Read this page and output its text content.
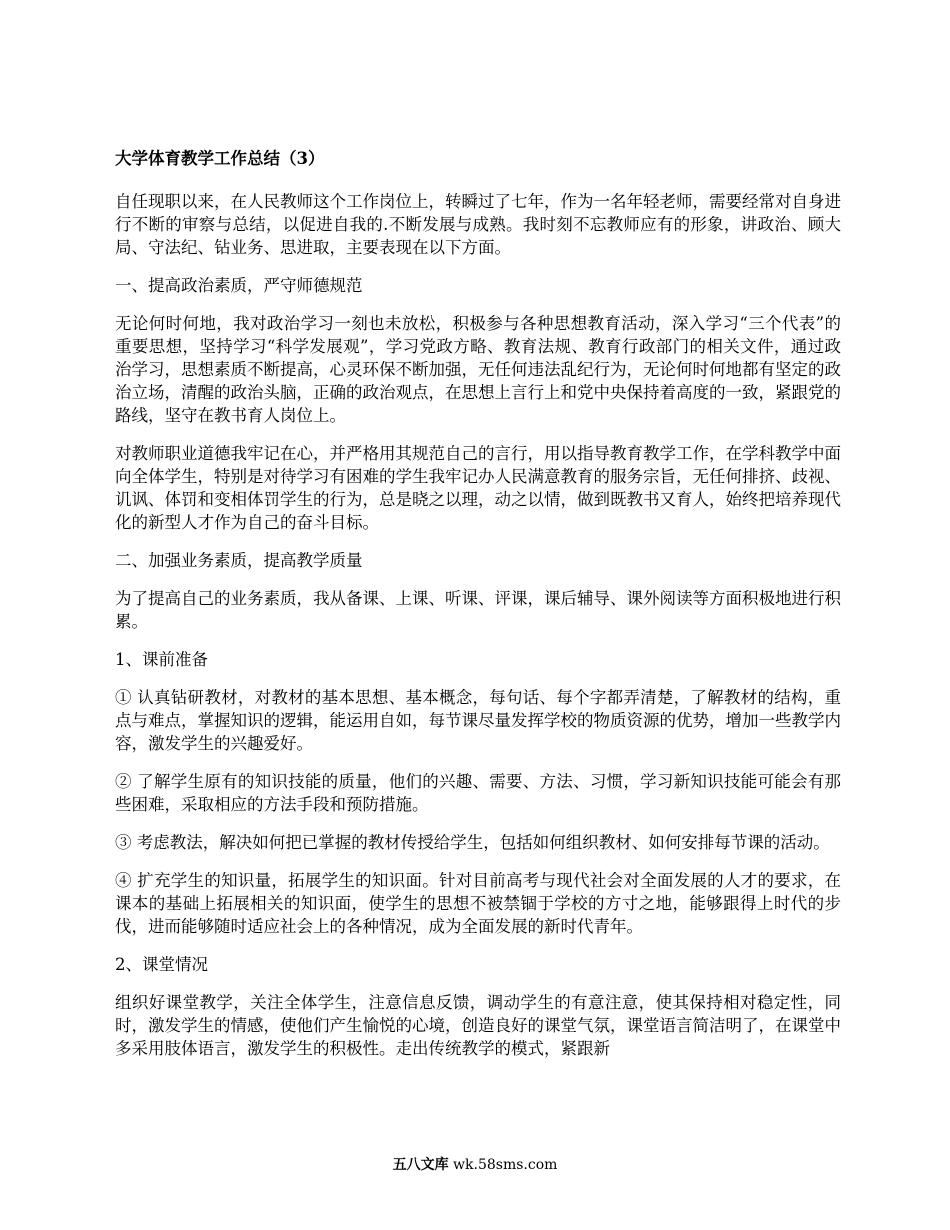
大学体育教学工作总结（3）

自任现职以来，在人民教师这个工作岗位上，转瞬过了七年，作为一名年轻老师，需要经常对自身进行不断的审察与总结，以促进自我的.不断发展与成熟。我时刻不忘教师应有的形象，讲政治、顾大局、守法纪、钻业务、思进取，主要表现在以下方面。

一、提高政治素质，严守师德规范

无论何时何地，我对政治学习一刻也未放松，积极参与各种思想教育活动，深入学习“三个代表”的重要思想，坚持学习“科学发展观”，学习党政方略、教育法规、教育行政部门的相关文件，通过政治学习，思想素质不断提高，心灵环保不断加强，无任何违法乱纪行为，无论何时何地都有坚定的政治立场，清醒的政治头脑，正确的政治观点，在思想上言行上和党中央保持着高度的一致，紧跟党的路线，坚守在教书育人岗位上。

对教师职业道德我牢记在心，并严格用其规范自己的言行，用以指导教育教学工作，在学科教学中面向全体学生，特别是对待学习有困难的学生我牢记办人民满意教育的服务宗旨，无任何排挤、歧视、讥讽、体罚和变相体罚学生的行为，总是晓之以理，动之以情，做到既教书又育人，始终把培养现代化的新型人才作为自己的奋斗目标。

二、加强业务素质，提高教学质量

为了提高自己的业务素质，我从备课、上课、听课、评课，课后辅导、课外阅读等方面积极地进行积累。

1、课前准备

① 认真钻研教材，对教材的基本思想、基本概念，每句话、每个字都弄清楚，了解教材的结构，重点与难点，掌握知识的逻辑，能运用自如，每节课尽量发挥学校的物质资源的优势，增加一些教学内容，激发学生的兴趣爱好。

② 了解学生原有的知识技能的质量，他们的兴趣、需要、方法、习惯，学习新知识技能可能会有那些困难，采取相应的方法手段和预防措施。

③ 考虑教法，解决如何把已掌握的教材传授给学生，包括如何组织教材、如何安排每节课的活动。

④ 扩充学生的知识量，拓展学生的知识面。针对目前高考与现代社会对全面发展的人才的要求，在课本的基础上拓展相关的知识面，使学生的思想不被禁锢于学校的方寸之地，能够跟得上时代的步伐，进而能够随时适应社会上的各种情况，成为全面发展的新时代青年。

2、课堂情况

组织好课堂教学，关注全体学生，注意信息反馈，调动学生的有意注意，使其保持相对稳定性，同时，激发学生的情感，使他们产生愉悦的心境，创造良好的课堂气氛，课堂语言简洁明了，在课堂中多采用肢体语言，激发学生的积极性。走出传统教学的模式，紧跟新

五八文库 wk.58sms.com
